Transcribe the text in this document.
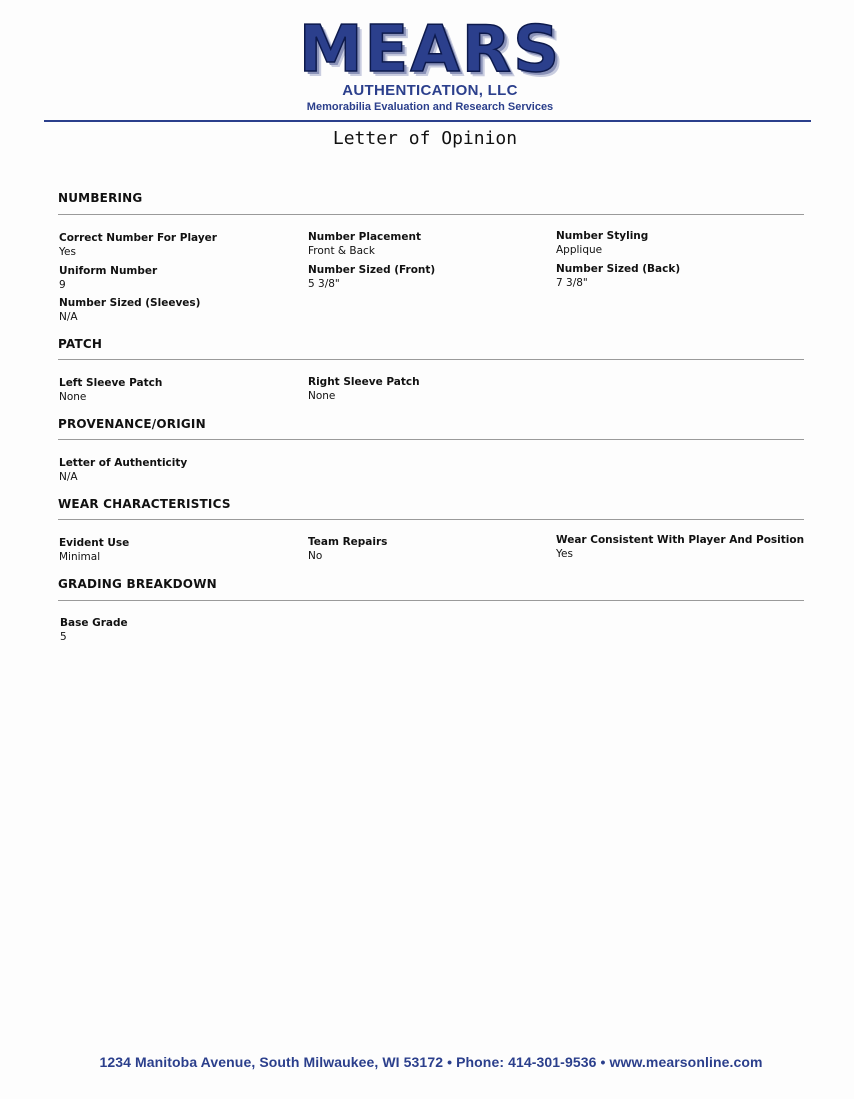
MEARS
AUTHENTICATION, LLC
Memorabilia Evaluation and Research Services
Letter of Opinion
NUMBERING
Correct Number For Player
Yes
Number Placement
Front & Back
Number Styling
Applique
Uniform Number
9
Number Sized (Front)
5 3/8"
Number Sized (Back)
7 3/8"
Number Sized (Sleeves)
N/A
PATCH
Left Sleeve Patch
None
Right Sleeve Patch
None
PROVENANCE/ORIGIN
Letter of Authenticity
N/A
WEAR CHARACTERISTICS
Evident Use
Minimal
Team Repairs
No
Wear Consistent With Player And Position
Yes
GRADING BREAKDOWN
Base Grade
5
1234 Manitoba Avenue, South Milwaukee, WI 53172 • Phone: 414-301-9536 • www.mearsonline.com
